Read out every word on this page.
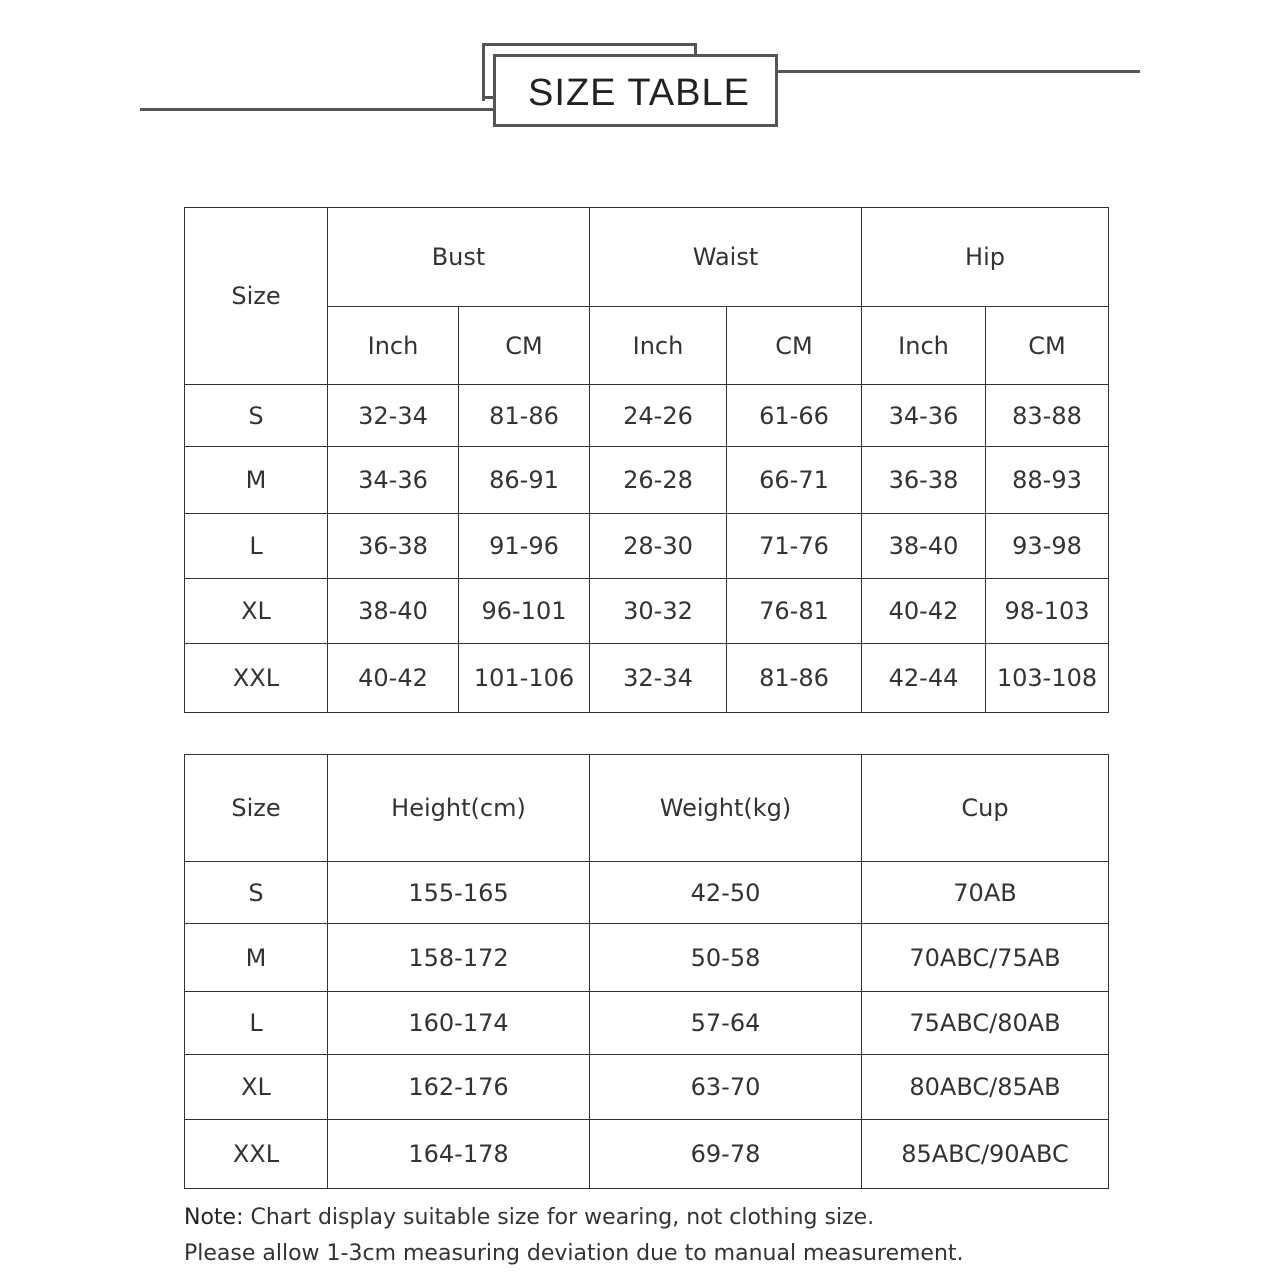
SIZE TABLE
Size	Bust		Waist		Hip	
	Inch	CM	Inch	CM	Inch	CM
S	32-34	81-86	24-26	61-66	34-36	83-88
M	34-36	86-91	26-28	66-71	36-38	88-93
L	36-38	91-96	28-30	71-76	38-40	93-98
XL	38-40	96-101	30-32	76-81	40-42	98-103
XXL	40-42	101-106	32-34	81-86	42-44	103-108
Size	Height(cm)	Weight(kg)	Cup
S	155-165	42-50	70AB
M	158-172	50-58	70ABC/75AB
L	160-174	57-64	75ABC/80AB
XL	162-176	63-70	80ABC/85AB
XXL	164-178	69-78	85ABC/90ABC
Note: Chart display suitable size for wearing, not clothing size.
Please allow 1-3cm measuring deviation due to manual measurement.
